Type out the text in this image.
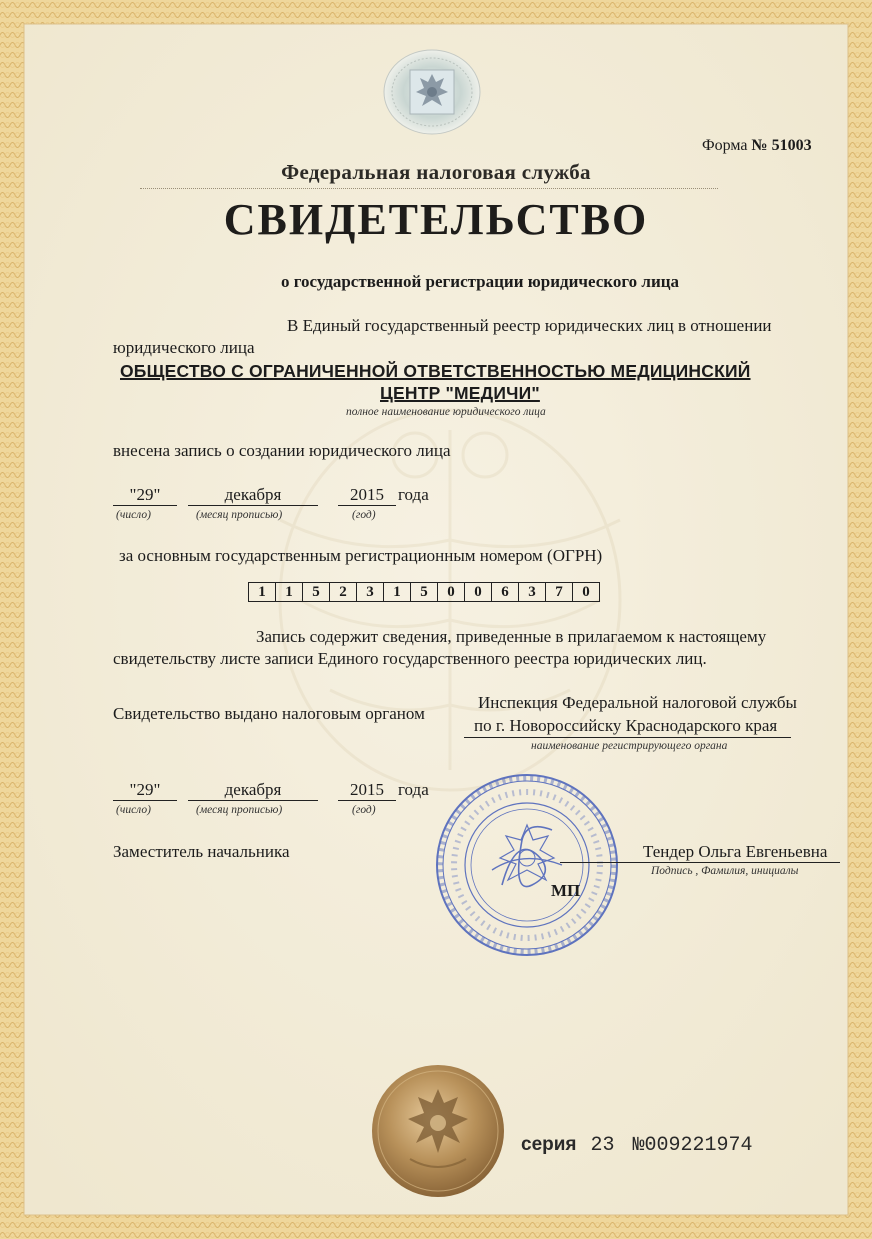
Форма № 51003
Федеральная налоговая служба
СВИДЕТЕЛЬСТВО
о государственной регистрации юридического лица
В Единый государственный реестр юридических лиц в отношении
юридического лица
ОБЩЕСТВО С ОГРАНИЧЕННОЙ ОТВЕТСТВЕННОСТЬЮ МЕДИЦИНСКИЙ
ЦЕНТР "МЕДИЧИ"
полное наименование юридического лица
внесена запись о создании юридического лица
"29"	декабря	2015 года
(число)	(месяц прописью)	(год)
за основным государственным регистрационным номером (ОГРН)
1	1	5	2	3	1	5	0	0	6	3	7	0
Запись содержит сведения, приведенные в прилагаемом к настоящему
свидетельству листе записи Единого государственного реестра юридических лиц.
Свидетельство выдано налоговым органом
Инспекция Федеральной налоговой службы
по г. Новороссийску Краснодарского края
наименование регистрирующего органа
"29"	декабря	2015 года
(число)	(месяц прописью)	(год)
Заместитель начальника
МП
Тендер Ольга Евгеньевна
Подпись , Фамилия, инициалы
серия 23 №009221974
